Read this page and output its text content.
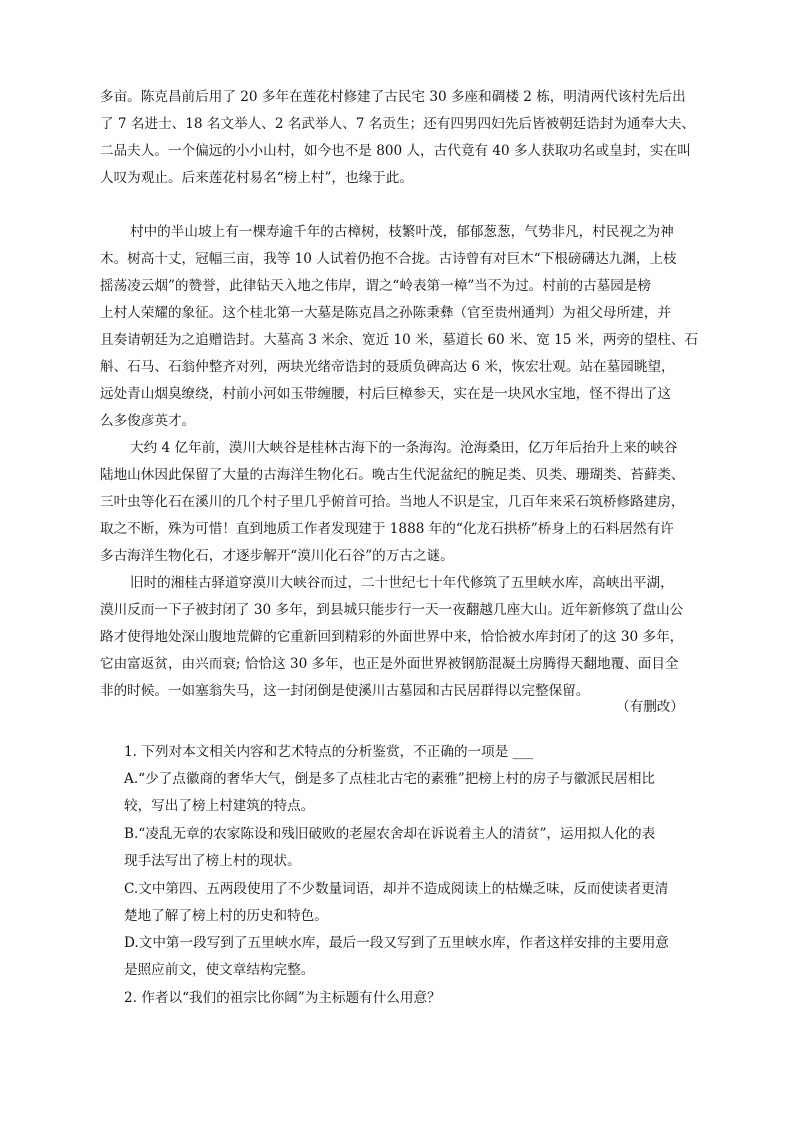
多亩。陈克昌前后用了 20 多年在莲花村修建了古民宅 30 多座和碉楼 2 栋，明清两代该村先后出
了 7 名进士、18 名文举人、2 名武举人、7 名贡生；还有四男四妇先后皆被朝廷诰封为通奉大夫、
二品夫人。一个偏远的小小山村，如今也不是 800 人，古代竟有 40 多人获取功名或皇封，实在叫
人叹为观止。后来莲花村易名“榜上村”，也缘于此。
村中的半山坡上有一棵寿逾千年的古樟树，枝繁叶茂，郁郁葱葱，气势非凡，村民视之为神
木。树高十丈，冠幅三亩，我等 10 人试着仍抱不合拢。古诗曾有对巨木“下根磅礴达九渊，上枝
摇荡凌云烟”的赞誉，此律钻天入地之伟岸，谓之“岭表第一樟”当不为过。村前的古墓园是榜
上村人荣耀的象征。这个桂北第一大墓是陈克昌之孙陈秉彝（官至贵州通判）为祖父母所建，并
且奏请朝廷为之追赠诰封。大墓高 3 米余、宽近 10 米，墓道长 60 米、宽 15 米，两旁的望柱、石
斛、石马、石翁仲整齐对列，两块光绪帝诰封的聂质负碑高达 6 米，恢宏壮观。站在墓园眺望，
远处青山烟臭缭绕，村前小河如玉带缠腰，村后巨樟参天，实在是一块风水宝地，怪不得出了这
么多俊彦英才。
大约 4 亿年前，漠川大峡谷是桂林古海下的一条海沟。沧海桑田，亿万年后抬升上来的峡谷
陆地山休因此保留了大量的古海洋生物化石。晚古生代泥盆纪的腕足类、贝类、珊瑚类、苔藓类、
三叶虫等化石在溪川的几个村子里几乎俯首可拾。当地人不识是宝，几百年来采石筑桥修路建房，
取之不断，殊为可惜！直到地质工作者发现建于 1888 年的“化龙石拱桥”桥身上的石料居然有许
多古海洋生物化石，才逐步解开“漠川化石谷”的万古之谜。
旧时的湘桂古驿道穿漠川大峡谷而过，二十世纪七十年代修筑了五里峡水库，高峡出平湖，
漠川反而一下子被封闭了 30 多年，到县城只能步行一天一夜翻越几座大山。近年新修筑了盘山公
路才使得地处深山腹地荒僻的它重新回到精彩的外面世界中来，恰恰被水库封闭了的这 30 多年，
它由富返贫，由兴而衰; 恰恰这 30 多年，也正是外面世界被钢筋混凝土房腾得天翻地覆、面目全
非的时候。一如塞翁失马，这一封闭倒是使溪川古墓园和古民居群得以完整保留。
（有删改）
1. 下列对本文相关内容和艺术特点的分析鉴赏，不正确的一项是 ___
A.“少了点徽商的奢华大气，倒是多了点桂北古宅的素雅”把榜上村的房子与徽派民居相比
较，写出了榜上村建筑的特点。
B.“凌乱无章的农家陈设和残旧破败的老屋农舍却在诉说着主人的清贫”，运用拟人化的表
现手法写出了榜上村的现状。
C.文中第四、五两段使用了不少数量词语，却并不造成阅读上的枯燥乏味，反而使读者更清
楚地了解了榜上村的历史和特色。
D.文中第一段写到了五里峡水库，最后一段又写到了五里峡水库，作者这样安排的主要用意
是照应前文，使文章结构完整。
2. 作者以“我们的祖宗比你阔”为主标题有什么用意？
